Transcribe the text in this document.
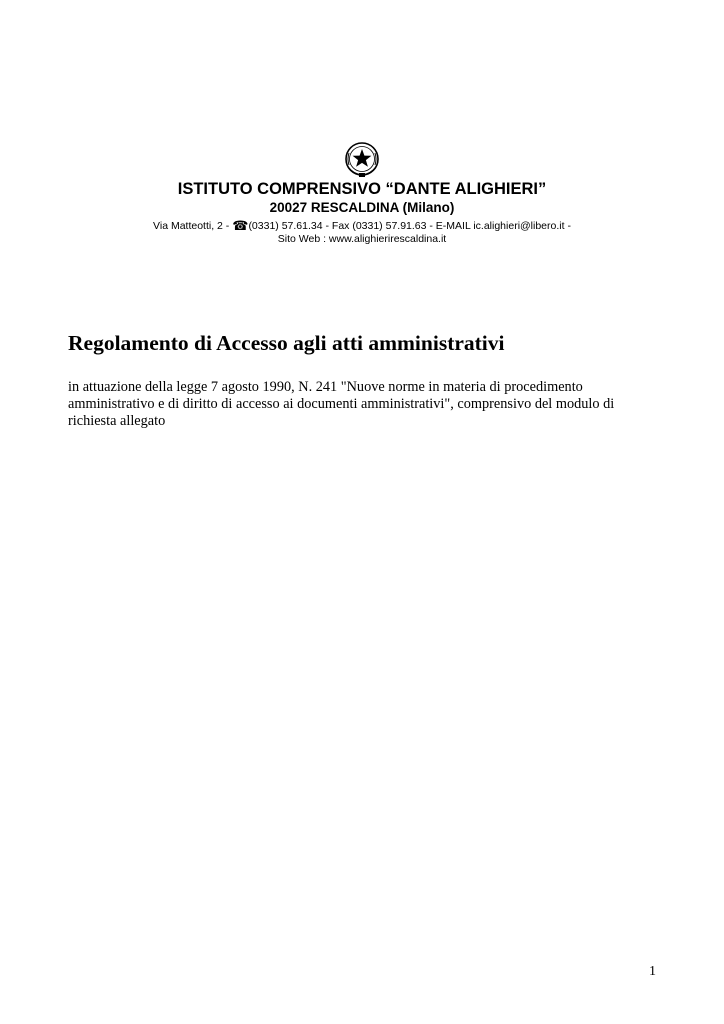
ISTITUTO COMPRENSIVO “DANTE ALIGHIERI”
20027 RESCALDINA (Milano)
Via Matteotti, 2 - ☎(0331) 57.61.34 - Fax (0331) 57.91.63 - E-MAIL ic.alighieri@libero.it -
Sito Web : www.alighierirescaldina.it
Regolamento di Accesso agli atti amministrativi

in attuazione della legge 7 agosto 1990, N. 241 "Nuove norme in materia di procedimento
amministrativo e di diritto di accesso ai documenti amministrativi", comprensivo del modulo di
richiesta allegato

1
